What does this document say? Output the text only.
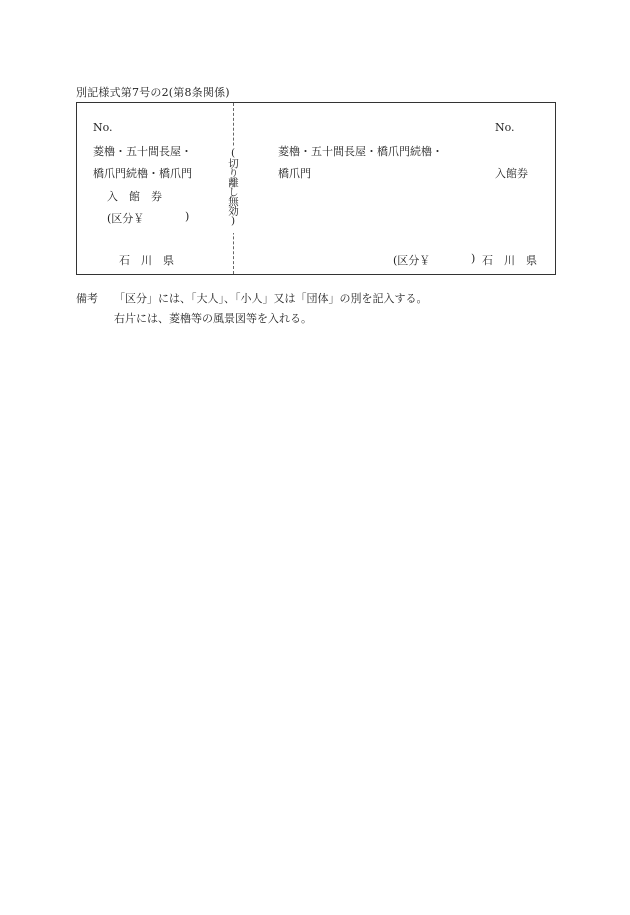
別記様式第7号の2(第8条関係)
No.
菱櫓・五十間長屋・
橋爪門続櫓・橋爪門
入　館　券
(区分￥	)
石　川　県
(切り離し無効)	菱櫓・五十間長屋・橋爪門続櫓・
橋爪門
No.
入館券
(区分￥	) 石　川　県
備考 「区分」には、「大人」、「小人」又は「団体」の別を記入する。
右片には、菱櫓等の風景図等を入れる。
